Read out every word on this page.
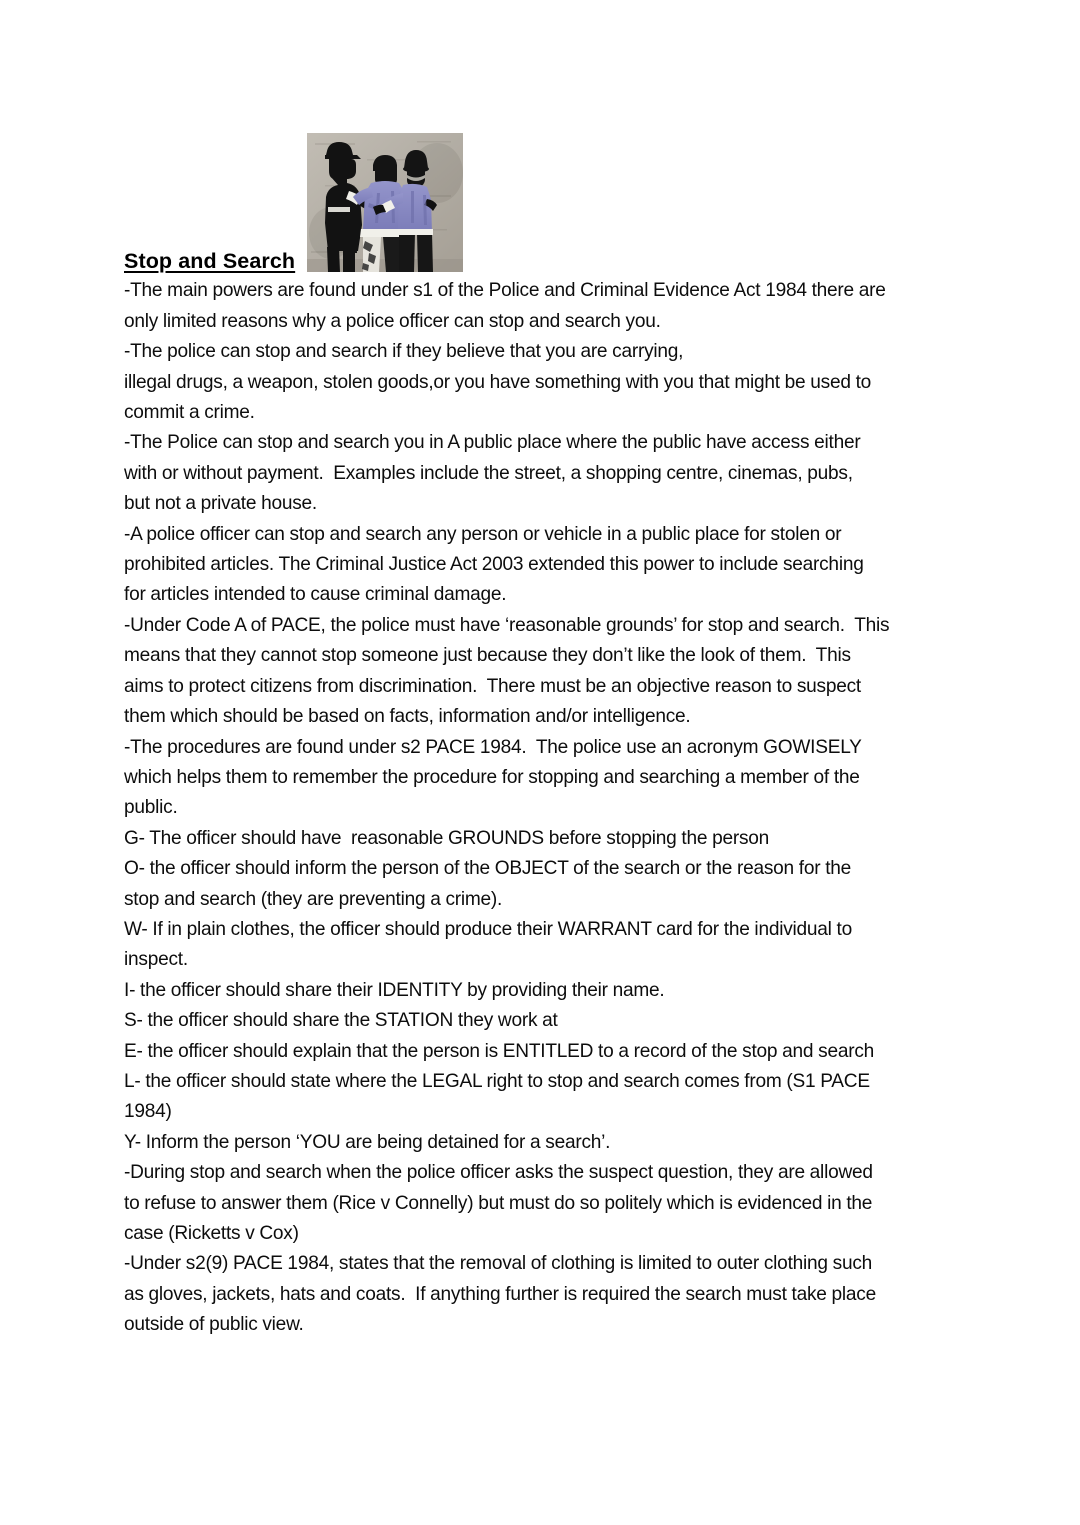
Stop and Search

-The main powers are found under s1 of the Police and Criminal Evidence Act 1984 there are

only limited reasons why a police officer can stop and search you.

-The police can stop and search if they believe that you are carrying,

illegal drugs, a weapon, stolen goods,or you have something with you that might be used to

commit a crime.

-The Police can stop and search you in A public place where the public have access either

with or without payment.  Examples include the street, a shopping centre, cinemas, pubs,

but not a private house.

-A police officer can stop and search any person or vehicle in a public place for stolen or

prohibited articles. The Criminal Justice Act 2003 extended this power to include searching

for articles intended to cause criminal damage.

-Under Code A of PACE, the police must have ‘reasonable grounds’ for stop and search.  This

means that they cannot stop someone just because they don’t like the look of them.  This

aims to protect citizens from discrimination.  There must be an objective reason to suspect

them which should be based on facts, information and/or intelligence.

-The procedures are found under s2 PACE 1984.  The police use an acronym GOWISELY

which helps them to remember the procedure for stopping and searching a member of the

public.

G- The officer should have  reasonable GROUNDS before stopping the person

O- the officer should inform the person of the OBJECT of the search or the reason for the

stop and search (they are preventing a crime).

W- If in plain clothes, the officer should produce their WARRANT card for the individual to

inspect.

I- the officer should share their IDENTITY by providing their name.

S- the officer should share the STATION they work at

E- the officer should explain that the person is ENTITLED to a record of the stop and search

L- the officer should state where the LEGAL right to stop and search comes from (S1 PACE

1984)

Y- Inform the person ‘YOU are being detained for a search’.

-During stop and search when the police officer asks the suspect question, they are allowed

to refuse to answer them (Rice v Connelly) but must do so politely which is evidenced in the

case (Ricketts v Cox)

-Under s2(9) PACE 1984, states that the removal of clothing is limited to outer clothing such

as gloves, jackets, hats and coats.  If anything further is required the search must take place

outside of public view.
